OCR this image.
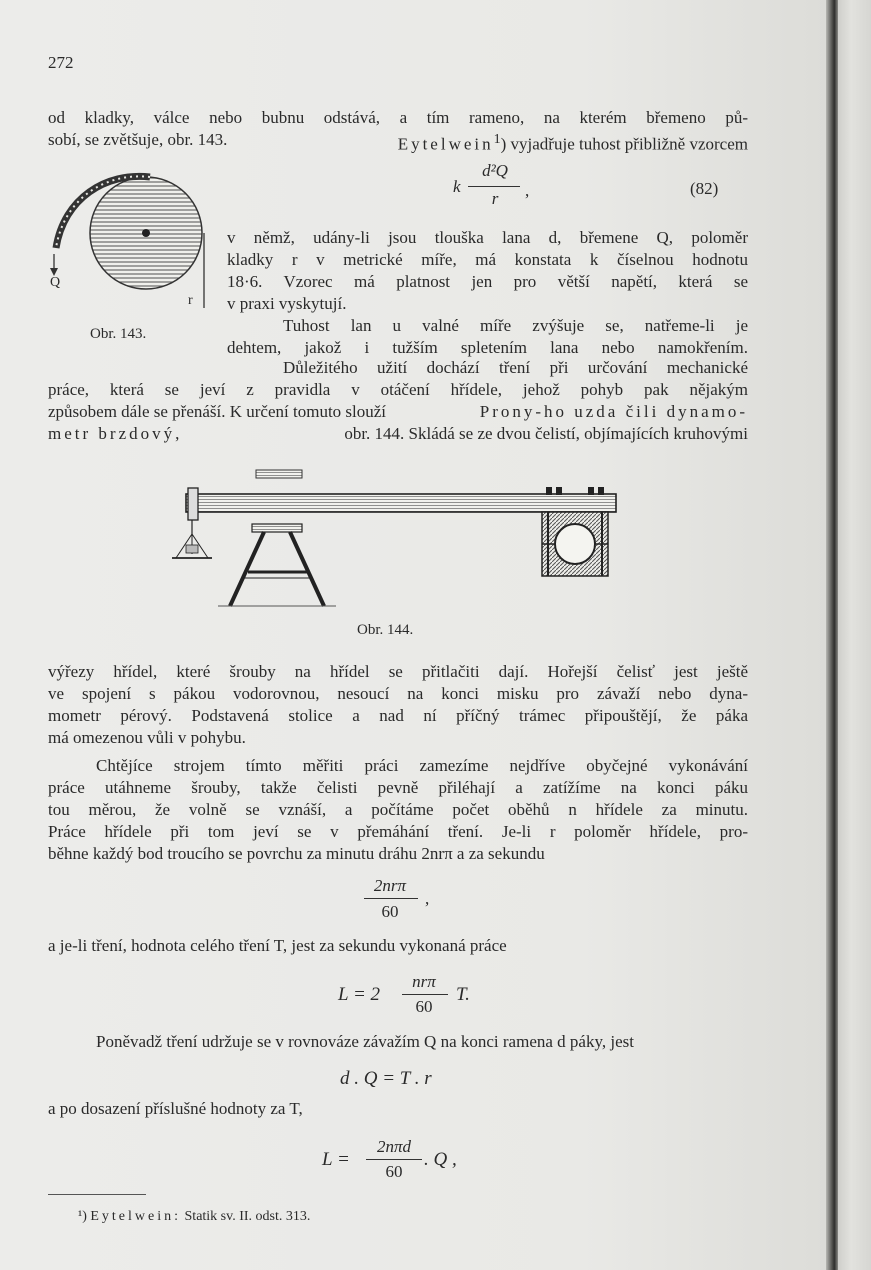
272
od kladky, válce nebo bubnu odstává, a tím rameno, na kterém břemeno pů-
sobí, se zvětšuje, obr. 143.	Eytelwein$^1$) vyjadřuje tuhost přibližně vzorcem
k
d²Q
r	,	(82)
Q
r
Obr. 143.
v němž, udány-li jsou tlouška lana d, břemene Q, poloměr
kladky r v metrické míře, má konstata k číselnou hodnotu
18·6. Vzorec má platnost jen pro větší napětí, která se
v praxi vyskytují.
Tuhost lan u valné míře zvýšuje se, natřeme-li je
dehtem, jakož i tužším spletením lana nebo namokřením.
Důležitého užití dochází tření při určování mechanické
práce, která se jeví z pravidla v otáčení hřídele, jehož pohyb pak nějakým
způsobem dále se přenáší. K určení tomuto slouží	Prony-ho uzda čili dynamo-
metr brzdový,	obr. 144. Skládá se ze dvou čelistí, objímajících kruhovými
Obr. 144.
výřezy hřídel, které šrouby na hřídel se přitlačiti dají. Hořejší čelisť jest ještě
ve spojení s pákou vodorovnou, nesoucí na konci misku pro závaží nebo dyna-
mometr pérový. Podstavená stolice a nad ní příčný trámec připouštějí, že páka
má omezenou vůli v pohybu.
Chtějíce strojem tímto měřiti práci zamezíme nejdříve obyčejné vykonávání
práce utáhneme šrouby, takže čelisti pevně přiléhají a zatížíme na konci páku
tou měrou, že volně se vznáší, a počítáme počet oběhů n hřídele za minutu.
Práce hřídele při tom jeví se v přemáhání tření. Je-li r poloměr hřídele, pro-
běhne každý bod troucího se povrchu za minutu dráhu 2nrπ a za sekundu
2nrπ
60
,
a je-li tření, hodnota celého tření T, jest za sekundu vykonaná práce
L = 2
nrπ
60
T.
Poněvadž tření udržuje se v rovnováze závažím Q na konci ramena d páky, jest
d . Q = T . r
a po dosazení příslušné hodnoty za T,
L =
2nπd
60
. Q ,
¹) Eytelwein: Statik sv. II. odst. 313.
